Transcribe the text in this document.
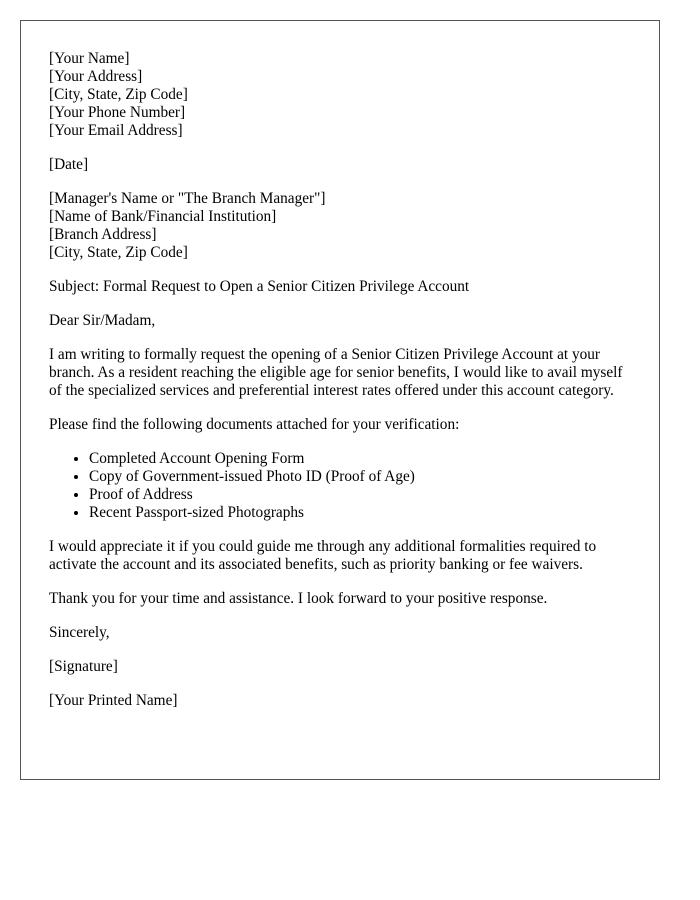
[Your Name]

[Your Address]

[City, State, Zip Code]

[Your Phone Number]

[Your Email Address]

[Date]

[Manager's Name or "The Branch Manager"]

[Name of Bank/Financial Institution]

[Branch Address]

[City, State, Zip Code]

Subject: Formal Request to Open a Senior Citizen Privilege Account

Dear Sir/Madam,

I am writing to formally request the opening of a Senior Citizen Privilege Account at your branch. As a resident reaching the eligible age for senior benefits, I would like to avail myself of the specialized services and preferential interest rates offered under this account category.

Please find the following documents attached for your verification:

• Completed Account Opening Form
• Copy of Government-issued Photo ID (Proof of Age)
• Proof of Address
• Recent Passport-sized Photographs

I would appreciate it if you could guide me through any additional formalities required to activate the account and its associated benefits, such as priority banking or fee waivers.

Thank you for your time and assistance. I look forward to your positive response.

Sincerely,

[Signature]

[Your Printed Name]
